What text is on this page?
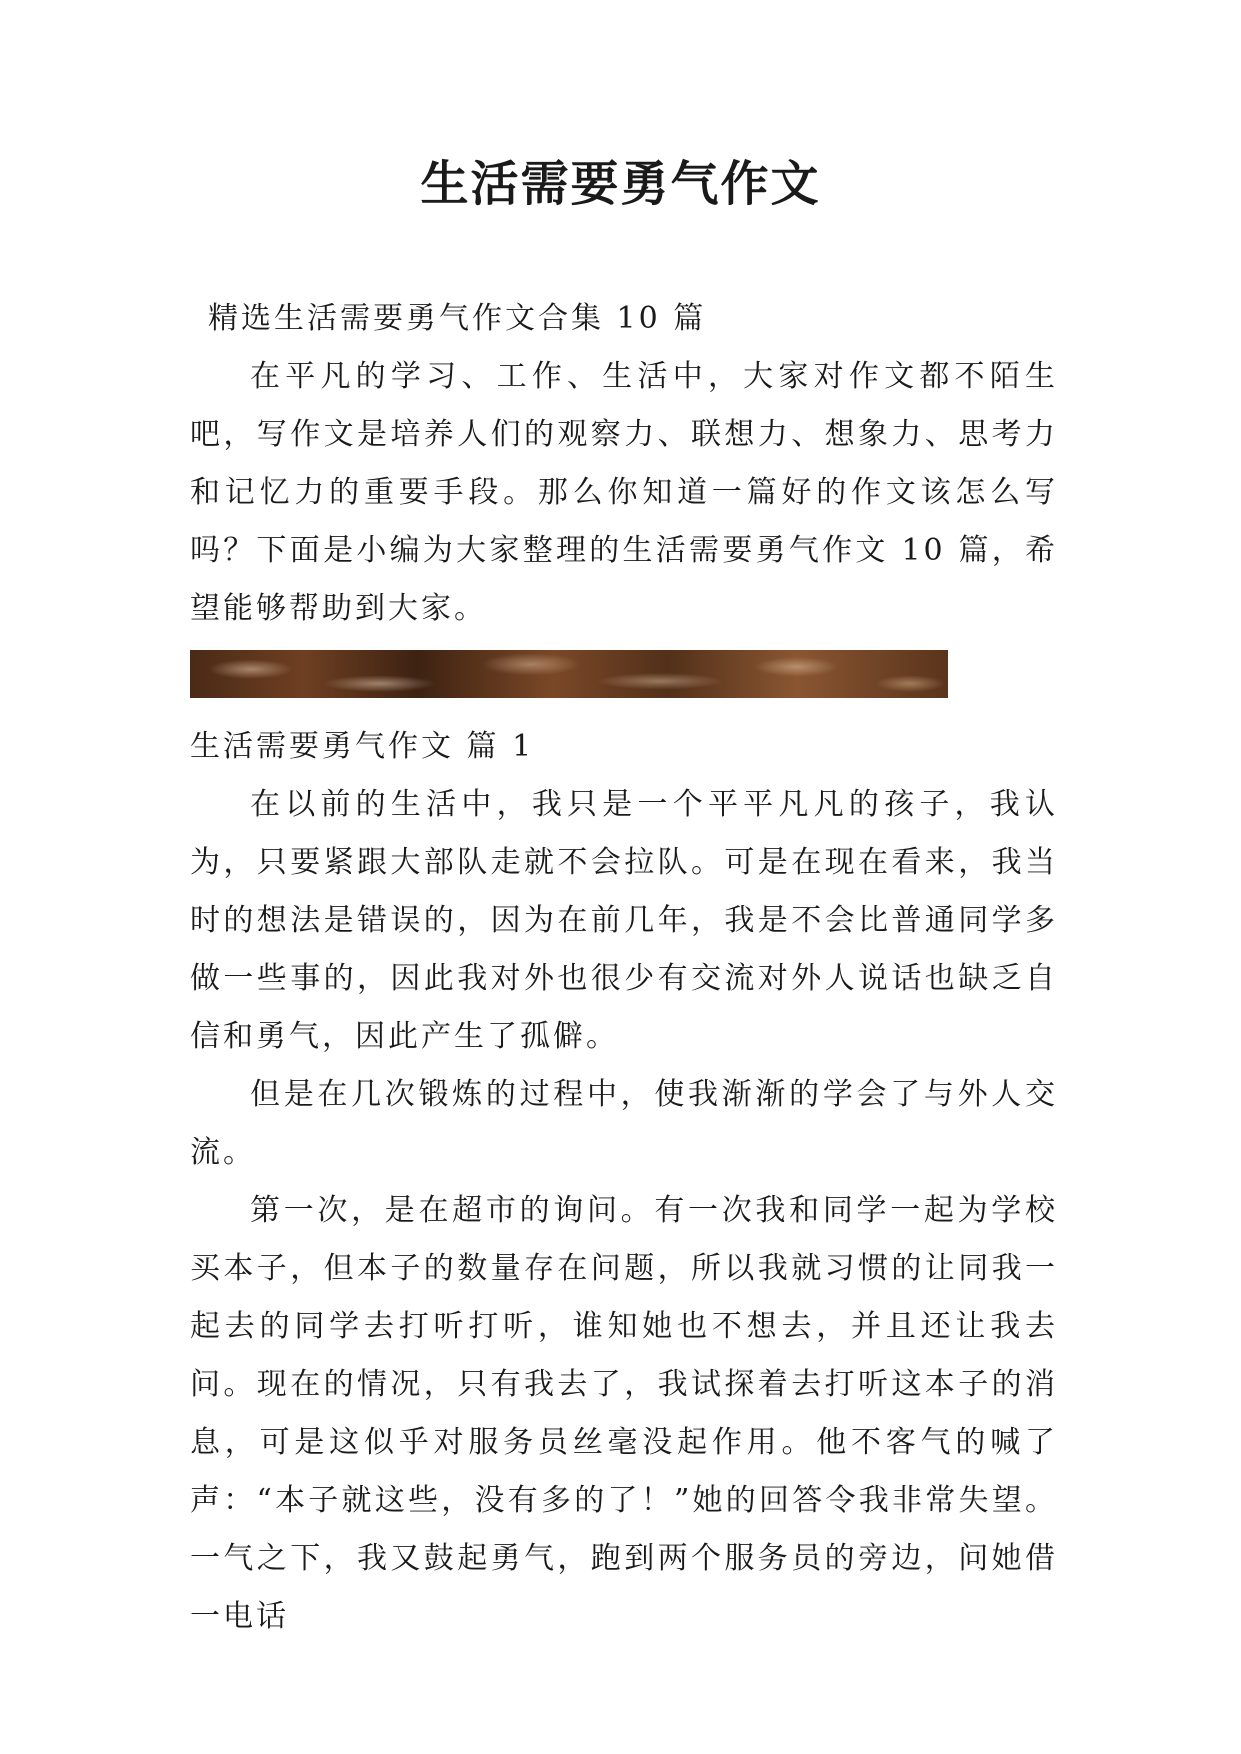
生活需要勇气作文

精选生活需要勇气作文合集 10 篇

在平凡的学习、工作、生活中，大家对作文都不陌生吧，写作文是培养人们的观察力、联想力、想象力、思考力和记忆力的重要手段。那么你知道一篇好的作文该怎么写吗？下面是小编为大家整理的生活需要勇气作文 10 篇，希望能够帮助到大家。

生活需要勇气作文 篇 1

在以前的生活中，我只是一个平平凡凡的孩子，我认为，只要紧跟大部队走就不会拉队。可是在现在看来，我当时的想法是错误的，因为在前几年，我是不会比普通同学多做一些事的，因此我对外也很少有交流对外人说话也缺乏自信和勇气，因此产生了孤僻。

但是在几次锻炼的过程中，使我渐渐的学会了与外人交流。

第一次，是在超市的询问。有一次我和同学一起为学校买本子，但本子的数量存在问题，所以我就习惯的让同我一起去的同学去打听打听，谁知她也不想去，并且还让我去问。现在的情况，只有我去了，我试探着去打听这本子的消息，可是这似乎对服务员丝毫没起作用。他不客气的喊了声：“本子就这些，没有多的了！”她的回答令我非常失望。一气之下，我又鼓起勇气，跑到两个服务员的旁边，问她借一电话
